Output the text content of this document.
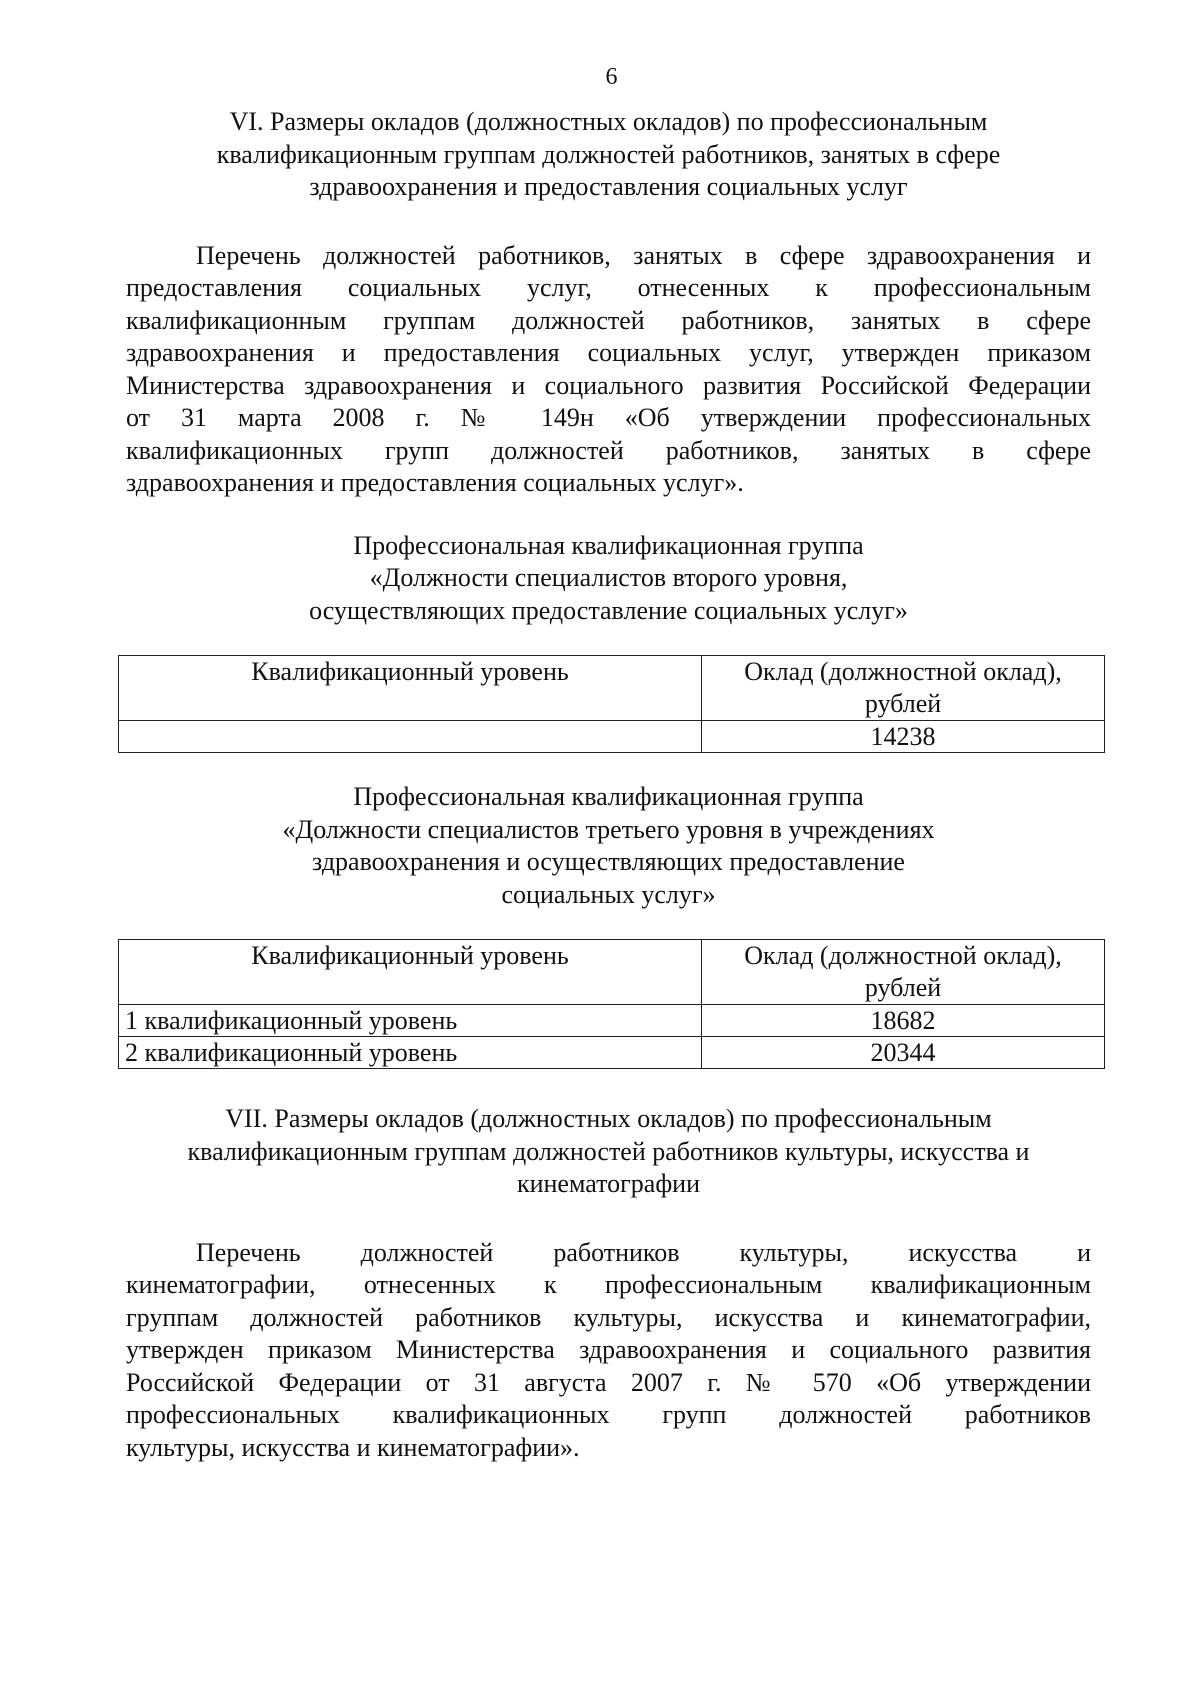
6
VI. Размеры окладов (должностных окладов) по профессиональным
квалификационным группам должностей работников, занятых в сфере
здравоохранения и предоставления социальных услуг

Перечень должностей работников, занятых в сфере здравоохранения и
предоставления социальных услуг, отнесенных к профессиональным
квалификационным группам должностей работников, занятых в сфере
здравоохранения и предоставления социальных услуг, утвержден приказом
Министерства здравоохранения и социального развития Российской Федерации
от 31 марта 2008 г. № 149н «Об утверждении профессиональных
квалификационных групп должностей работников, занятых в сфере
здравоохранения и предоставления социальных услуг».

Профессиональная квалификационная группа
«Должности специалистов второго уровня,
осуществляющих предоставление социальных услуг»
Квалификационный уровень	Оклад (должностной оклад),
рублей
	14238
Профессиональная квалификационная группа
«Должности специалистов третьего уровня в учреждениях
здравоохранения и осуществляющих предоставление
социальных услуг»
Квалификационный уровень	Оклад (должностной оклад),
рублей
1 квалификационный уровень	18682
2 квалификационный уровень	20344
VII. Размеры окладов (должностных окладов) по профессиональным
квалификационным группам должностей работников культуры, искусства и
кинематографии

Перечень должностей работников культуры, искусства и
кинематографии, отнесенных к профессиональным квалификационным
группам должностей работников культуры, искусства и кинематографии,
утвержден приказом Министерства здравоохранения и социального развития
Российской Федерации от 31 августа 2007 г. № 570 «Об утверждении
профессиональных квалификационных групп должностей работников
культуры, искусства и кинематографии».
